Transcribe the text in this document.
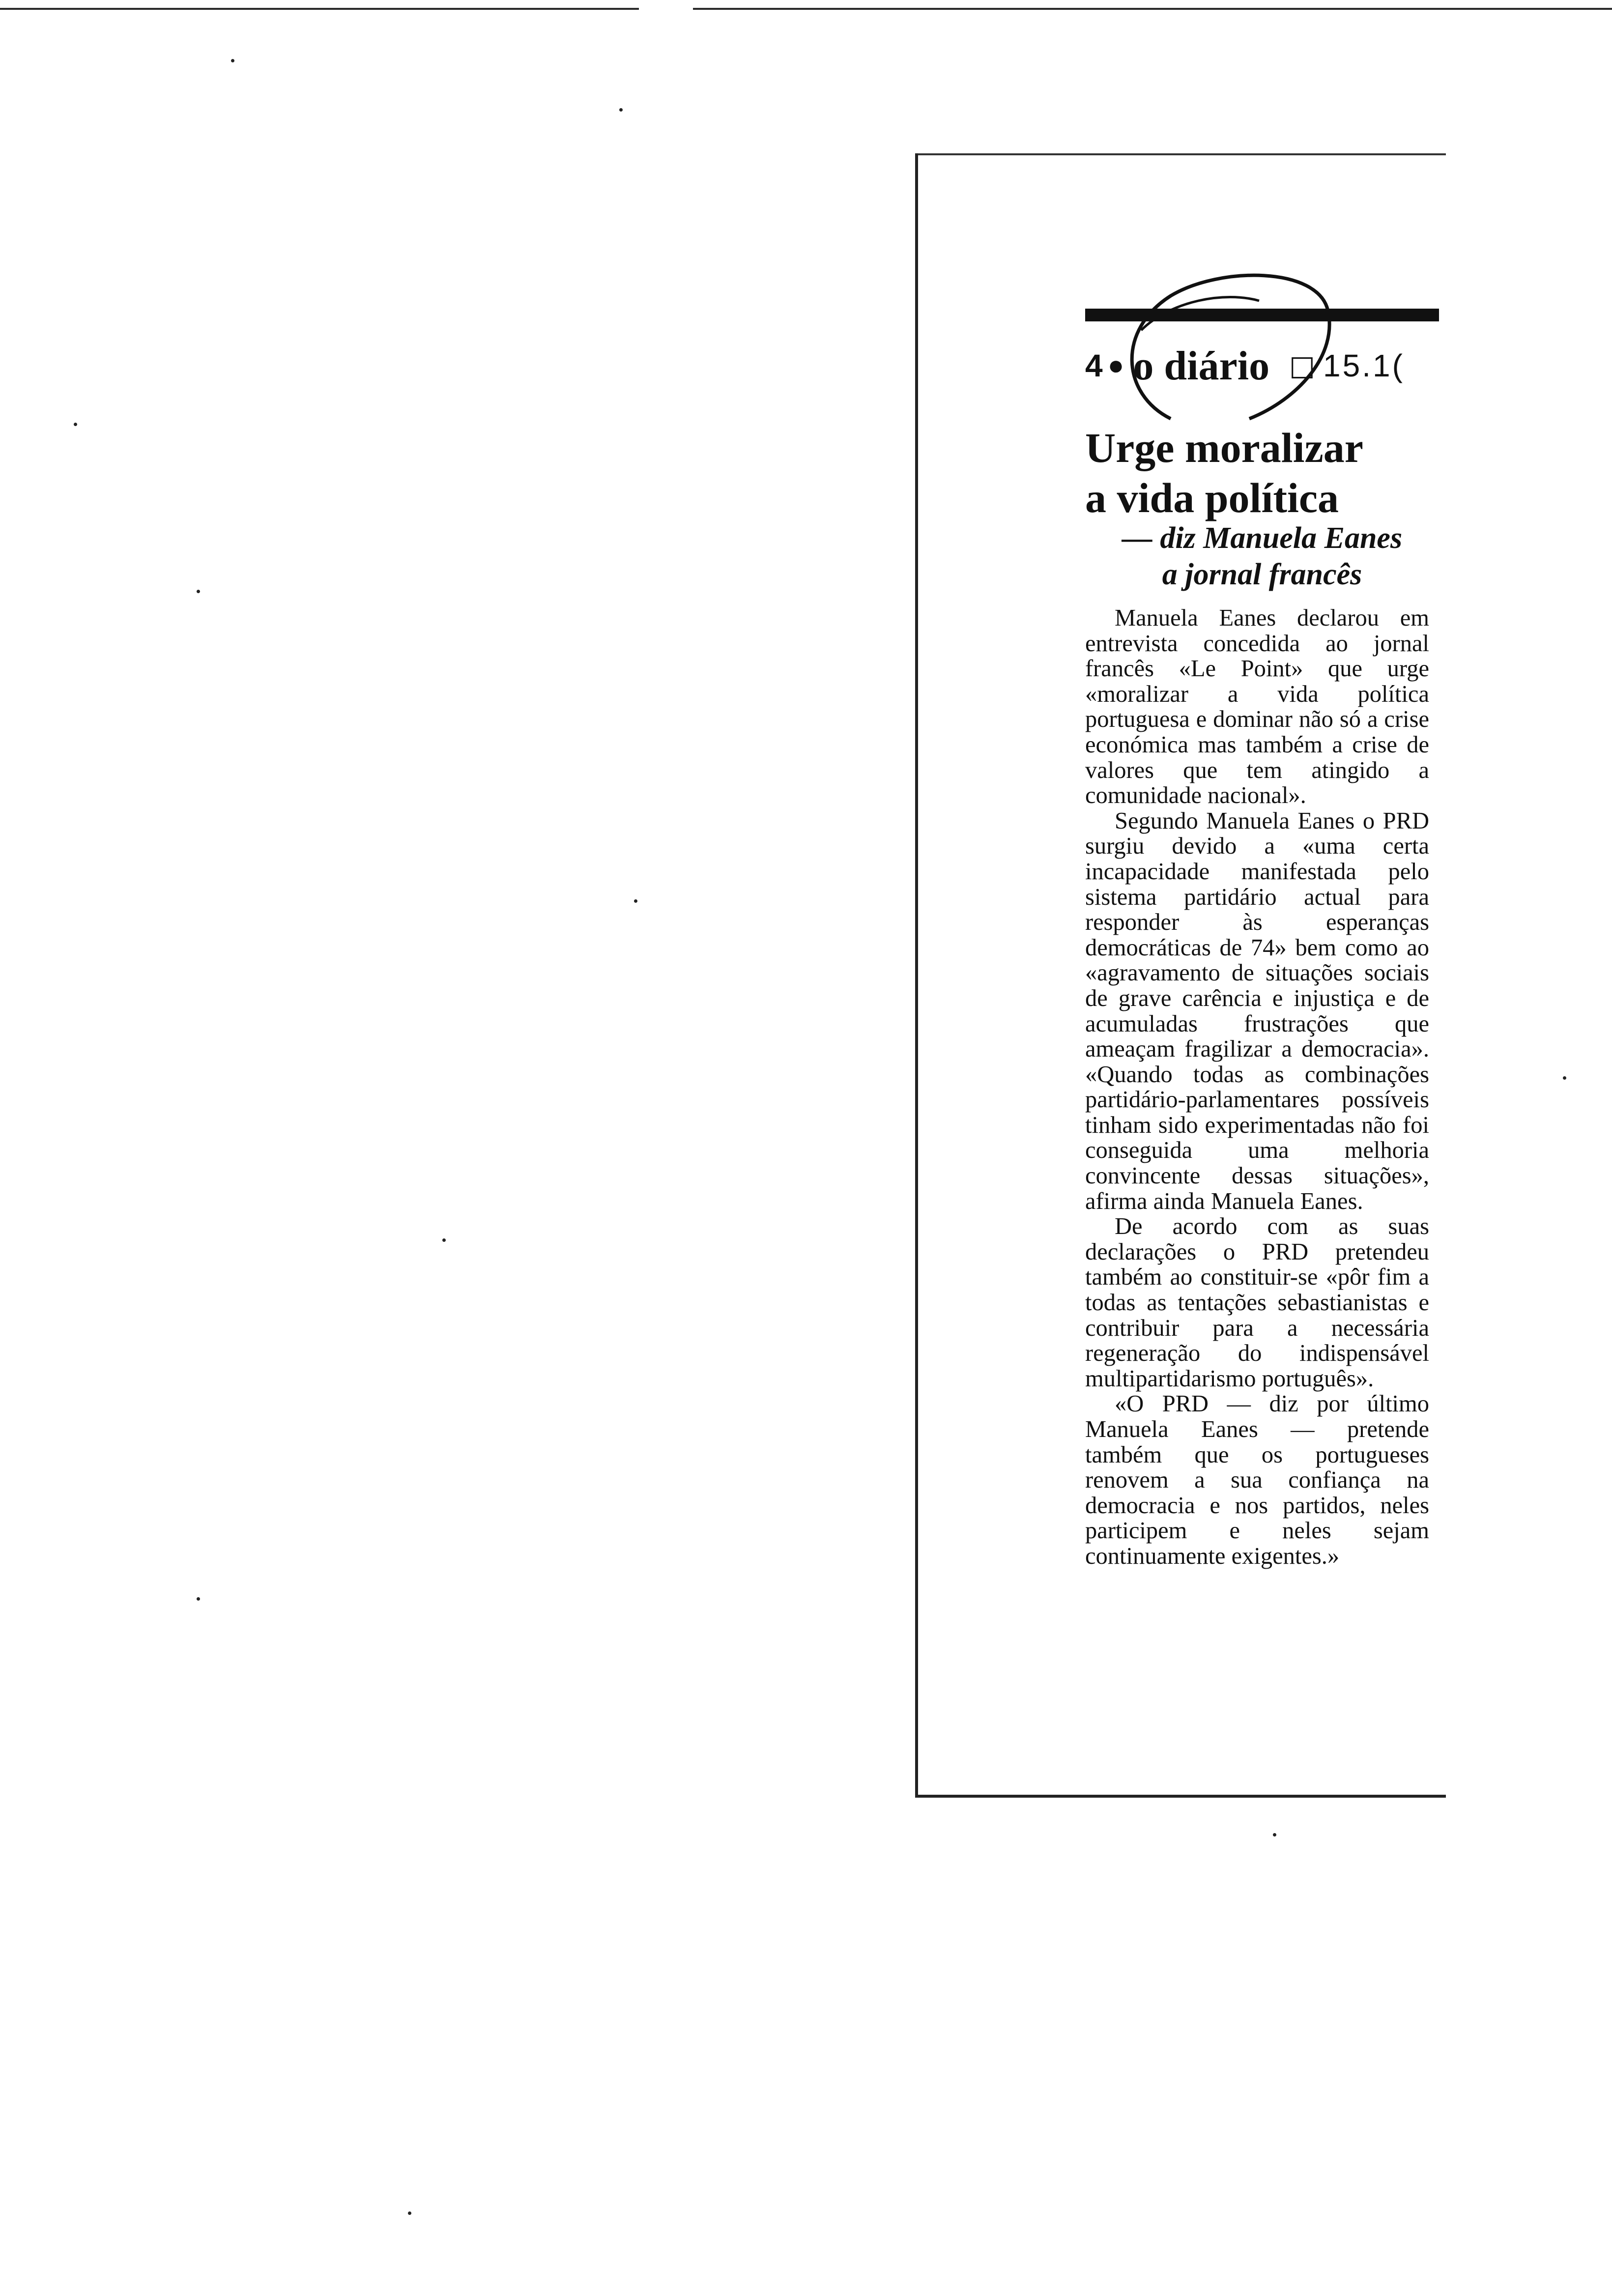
4 ● o diário □ 15.1(
Urge moralizar
a vida política
— diz Manuela Eanes
a jornal francês

Manuela Eanes declarou em entrevista concedida ao jornal francês «Le Point» que urge «moralizar a vida política portuguesa e dominar não só a crise económica mas também a crise de valores que tem atingido a comunidade nacional».

Segundo Manuela Eanes o PRD surgiu devido a «uma certa incapacidade manifestada pelo sistema partidário actual para responder às esperanças democráticas de 74» bem como ao «agravamento de situações sociais de grave carência e injustiça e de acumuladas frustrações que ameaçam fragilizar a democracia». «Quando todas as combinações partidário-parlamentares possíveis tinham sido experimentadas não foi conseguida uma melhoria convincente dessas situações», afirma ainda Manuela Eanes.

De acordo com as suas declarações o PRD pretendeu também ao constituir-se «pôr fim a todas as tentações sebastianistas e contribuir para a necessária regeneração do indispensável multipartidarismo português».

«O PRD — diz por último Manuela Eanes — pretende também que os portugueses renovem a sua confiança na democracia e nos partidos, neles participem e neles sejam continuamente exigentes.»
